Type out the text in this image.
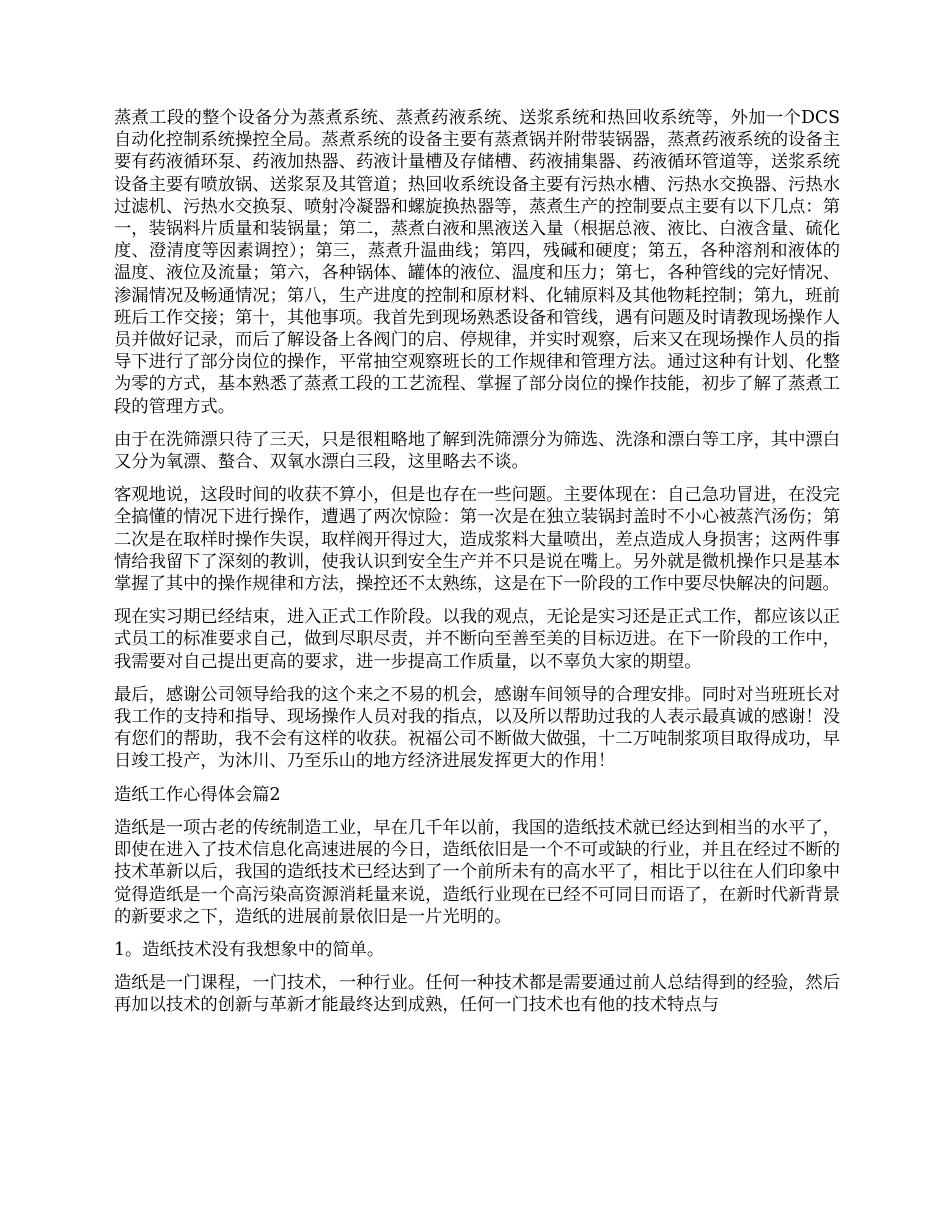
蒸煮工段的整个设备分为蒸煮系统、蒸煮药液系统、送浆系统和热回收系统等，外加一个DCS自动化控制系统操控全局。蒸煮系统的设备主要有蒸煮锅并附带装锅器，蒸煮药液系统的设备主要有药液循环泵、药液加热器、药液计量槽及存储槽、药液捕集器、药液循环管道等，送浆系统设备主要有喷放锅、送浆泵及其管道；热回收系统设备主要有污热水槽、污热水交换器、污热水过滤机、污热水交换泵、喷射冷凝器和螺旋换热器等，蒸煮生产的控制要点主要有以下几点：第一，装锅料片质量和装锅量；第二，蒸煮白液和黑液送入量（根据总液、液比、白液含量、硫化度、澄清度等因素调控）；第三，蒸煮升温曲线；第四，残碱和硬度；第五，各种溶剂和液体的温度、液位及流量；第六，各种锅体、罐体的液位、温度和压力；第七，各种管线的完好情况、渗漏情况及畅通情况；第八，生产进度的控制和原材料、化辅原料及其他物耗控制；第九，班前班后工作交接；第十，其他事项。我首先到现场熟悉设备和管线，遇有问题及时请教现场操作人员并做好记录，而后了解设备上各阀门的启、停规律，并实时观察，后来又在现场操作人员的指导下进行了部分岗位的操作，平常抽空观察班长的工作规律和管理方法。通过这种有计划、化整为零的方式，基本熟悉了蒸煮工段的工艺流程、掌握了部分岗位的操作技能，初步了解了蒸煮工段的管理方式。

由于在洗筛漂只待了三天，只是很粗略地了解到洗筛漂分为筛选、洗涤和漂白等工序，其中漂白又分为氧漂、螯合、双氧水漂白三段，这里略去不谈。

客观地说，这段时间的收获不算小，但是也存在一些问题。主要体现在：自己急功冒进，在没完全搞懂的情况下进行操作，遭遇了两次惊险：第一次是在独立装锅封盖时不小心被蒸汽汤伤；第二次是在取样时操作失误，取样阀开得过大，造成浆料大量喷出，差点造成人身损害；这两件事情给我留下了深刻的教训，使我认识到安全生产并不只是说在嘴上。另外就是微机操作只是基本掌握了其中的操作规律和方法，操控还不太熟练，这是在下一阶段的工作中要尽快解决的问题。

现在实习期已经结束，进入正式工作阶段。以我的观点，无论是实习还是正式工作，都应该以正式员工的标准要求自己，做到尽职尽责，并不断向至善至美的目标迈进。在下一阶段的工作中，我需要对自己提出更高的要求，进一步提高工作质量，以不辜负大家的期望。

最后，感谢公司领导给我的这个来之不易的机会，感谢车间领导的合理安排。同时对当班班长对我工作的支持和指导、现场操作人员对我的指点，以及所以帮助过我的人表示最真诚的感谢！没有您们的帮助，我不会有这样的收获。祝福公司不断做大做强，十二万吨制浆项目取得成功，早日竣工投产，为沐川、乃至乐山的地方经济进展发挥更大的作用！

造纸工作心得体会篇2

造纸是一项古老的传统制造工业，早在几千年以前，我国的造纸技术就已经达到相当的水平了，即使在进入了技术信息化高速进展的今日，造纸依旧是一个不可或缺的行业，并且在经过不断的技术革新以后，我国的造纸技术已经达到了一个前所未有的高水平了，相比于以往在人们印象中觉得造纸是一个高污染高资源消耗量来说，造纸行业现在已经不可同日而语了，在新时代新背景的新要求之下，造纸的进展前景依旧是一片光明的。

1。造纸技术没有我想象中的简单。

造纸是一门课程，一门技术，一种行业。任何一种技术都是需要通过前人总结得到的经验，然后再加以技术的创新与革新才能最终达到成熟，任何一门技术也有他的技术特点与
